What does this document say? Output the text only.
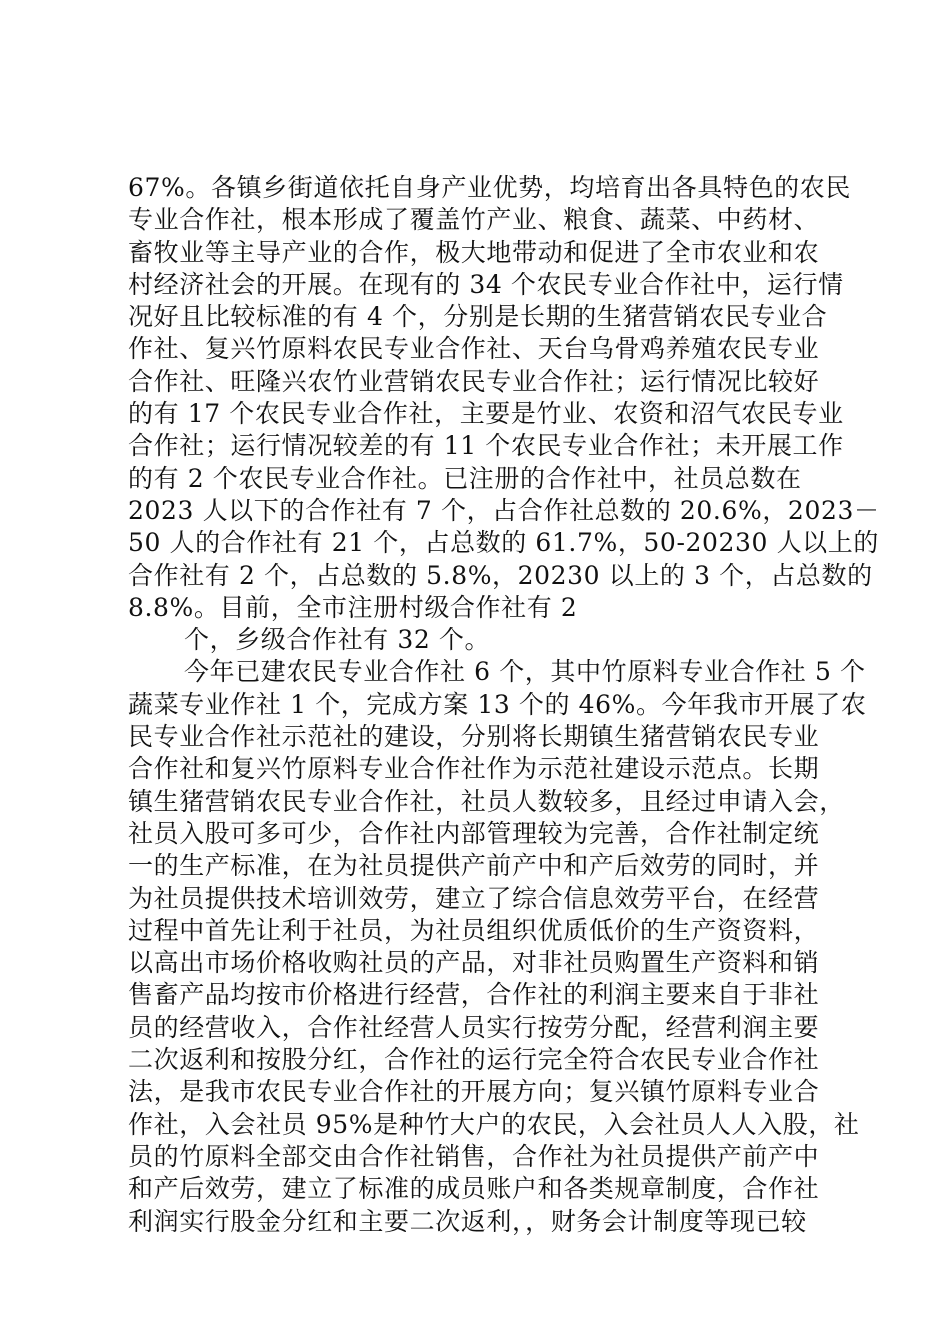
67%。各镇乡街道依托自身产业优势，均培育出各具特色的农民
专业合作社，根本形成了覆盖竹产业、粮食、蔬菜、中药材、
畜牧业等主导产业的合作，极大地带动和促进了全市农业和农
村经济社会的开展。在现有的 34 个农民专业合作社中，运行情
况好且比较标准的有 4 个，分别是长期的生猪营销农民专业合
作社、复兴竹原料农民专业合作社、天台乌骨鸡养殖农民专业
合作社、旺隆兴农竹业营销农民专业合作社；运行情况比较好
的有 17 个农民专业合作社，主要是竹业、农资和沼气农民专业
合作社；运行情况较差的有 11 个农民专业合作社；未开展工作
的有 2 个农民专业合作社。已注册的合作社中，社员总数在
2023 人以下的合作社有 7 个，占合作社总数的 20.6%，2023－
50 人的合作社有 21 个，占总数的 61.7%，50-20230 人以上的
合作社有 2 个，占总数的 5.8%，20230 以上的 3 个，占总数的
8.8%。目前，全市注册村级合作社有 2
个，乡级合作社有 32 个。
今年已建农民专业合作社 6 个，其中竹原料专业合作社 5 个
蔬菜专业作社 1 个，完成方案 13 个的 46%。今年我市开展了农
民专业合作社示范社的建设，分别将长期镇生猪营销农民专业
合作社和复兴竹原料专业合作社作为示范社建设示范点。长期
镇生猪营销农民专业合作社，社员人数较多，且经过申请入会，
社员入股可多可少，合作社内部管理较为完善，合作社制定统
一的生产标准，在为社员提供产前产中和产后效劳的同时，并
为社员提供技术培训效劳，建立了综合信息效劳平台，在经营
过程中首先让利于社员，为社员组织优质低价的生产资资料，
以高出市场价格收购社员的产品，对非社员购置生产资料和销
售畜产品均按市价格进行经营，合作社的利润主要来自于非社
员的经营收入，合作社经营人员实行按劳分配，经营利润主要
二次返利和按股分红，合作社的运行完全符合农民专业合作社
法，是我市农民专业合作社的开展方向；复兴镇竹原料专业合
作社，入会社员 95%是种竹大户的农民，入会社员人人入股，社
员的竹原料全部交由合作社销售，合作社为社员提供产前产中
和产后效劳，建立了标准的成员账户和各类规章制度，合作社
利润实行股金分红和主要二次返利，，财务会计制度等现已较
